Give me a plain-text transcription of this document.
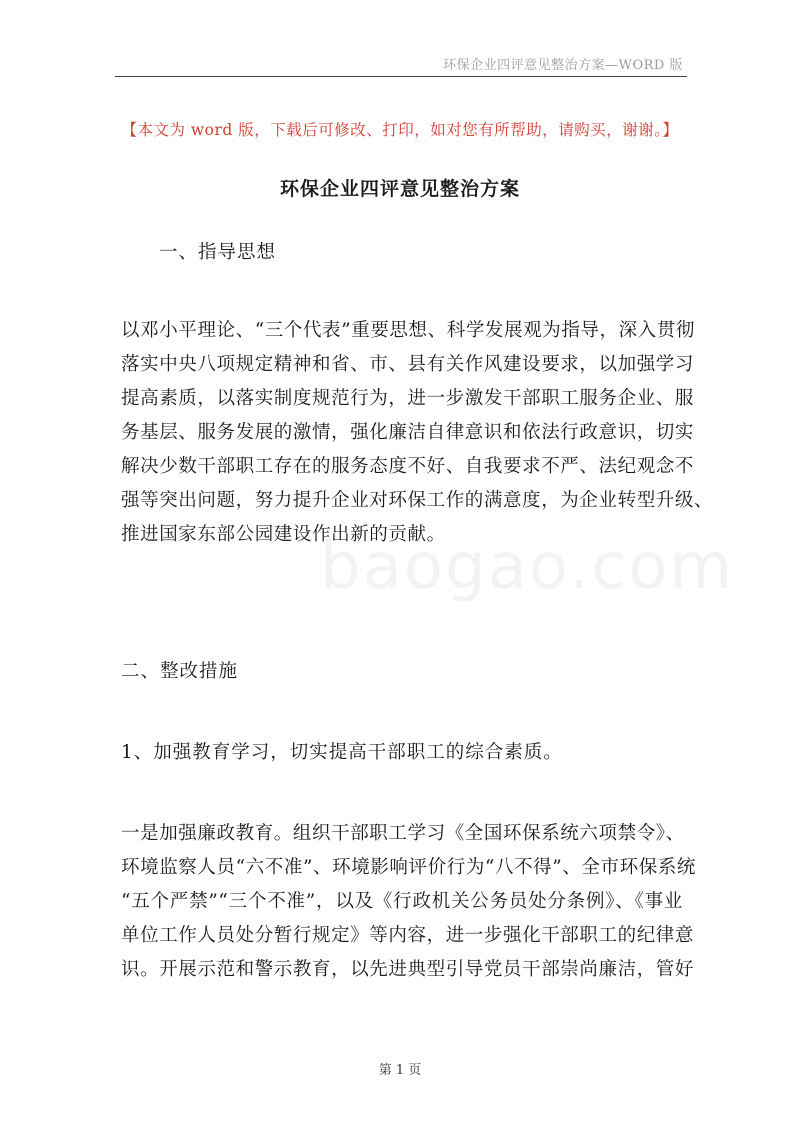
环保企业四评意见整治方案—WORD 版
【本文为 word 版，下载后可修改、打印，如对您有所帮助，请购买，谢谢。】
环保企业四评意见整治方案
一、指导思想

以邓小平理论、“三个代表”重要思想、科学发展观为指导，深入贯彻
落实中央八项规定精神和省、市、县有关作风建设要求，以加强学习
提高素质，以落实制度规范行为，进一步激发干部职工服务企业、服
务基层、服务发展的激情，强化廉洁自律意识和依法行政意识，切实
解决少数干部职工存在的服务态度不好、自我要求不严、法纪观念不
强等突出问题，努力提升企业对环保工作的满意度，为企业转型升级、
推进国家东部公园建设作出新的贡献。

baogao.com
二、整改措施
1、加强教育学习，切实提高干部职工的综合素质。

一是加强廉政教育。组织干部职工学习《全国环保系统六项禁令》、
环境监察人员“六不准”、环境影响评价行为“八不得”、全市环保系统
“五个严禁”“三个不准”，以及《行政机关公务员处分条例》、《事业
单位工作人员处分暂行规定》等内容，进一步强化干部职工的纪律意
识。开展示范和警示教育，以先进典型引导党员干部崇尚廉洁，管好

第 1 页
